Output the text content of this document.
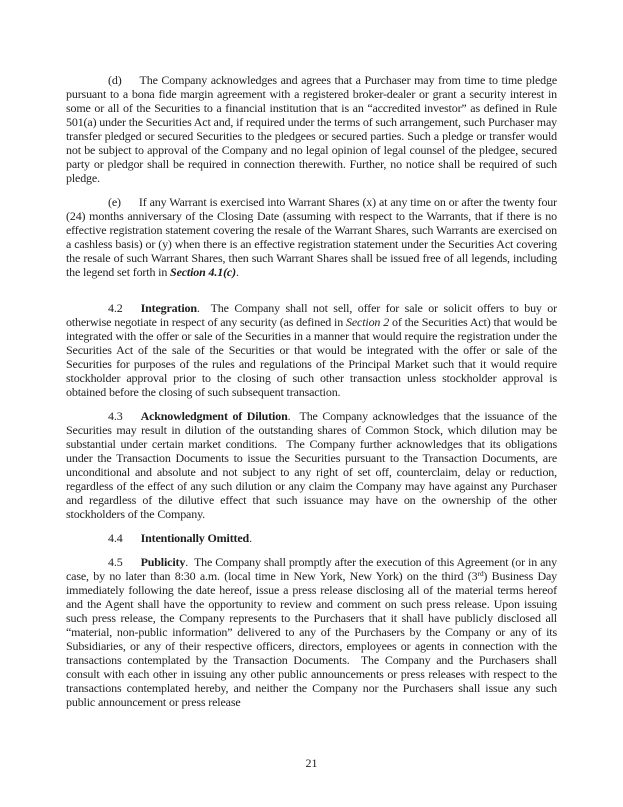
(d) The Company acknowledges and agrees that a Purchaser may from time to time pledge pursuant to a bona fide margin agreement with a registered broker-dealer or grant a security interest in some or all of the Securities to a financial institution that is an “accredited investor” as defined in Rule 501(a) under the Securities Act and, if required under the terms of such arrangement, such Purchaser may transfer pledged or secured Securities to the pledgees or secured parties. Such a pledge or transfer would not be subject to approval of the Company and no legal opinion of legal counsel of the pledgee, secured party or pledgor shall be required in connection therewith. Further, no notice shall be required of such pledge.

(e) If any Warrant is exercised into Warrant Shares (x) at any time on or after the twenty four (24) months anniversary of the Closing Date (assuming with respect to the Warrants, that if there is no effective registration statement covering the resale of the Warrant Shares, such Warrants are exercised on a cashless basis) or (y) when there is an effective registration statement under the Securities Act covering the resale of such Warrant Shares, then such Warrant Shares shall be issued free of all legends, including the legend set forth in Section 4.1(c).

4.2 Integration.  The Company shall not sell, offer for sale or solicit offers to buy or otherwise negotiate in respect of any security (as defined in Section 2 of the Securities Act) that would be integrated with the offer or sale of the Securities in a manner that would require the registration under the Securities Act of the sale of the Securities or that would be integrated with the offer or sale of the Securities for purposes of the rules and regulations of the Principal Market such that it would require stockholder approval prior to the closing of such other transaction unless stockholder approval is obtained before the closing of such subsequent transaction.

4.3 Acknowledgment of Dilution.  The Company acknowledges that the issuance of the Securities may result in dilution of the outstanding shares of Common Stock, which dilution may be substantial under certain market conditions.  The Company further acknowledges that its obligations under the Transaction Documents to issue the Securities pursuant to the Transaction Documents, are unconditional and absolute and not subject to any right of set off, counterclaim, delay or reduction, regardless of the effect of any such dilution or any claim the Company may have against any Purchaser and regardless of the dilutive effect that such issuance may have on the ownership of the other stockholders of the Company.

4.4 Intentionally Omitted.

4.5 Publicity.  The Company shall promptly after the execution of this Agreement (or in any case, by no later than 8:30 a.m. (local time in New York, New York) on the third (3rd) Business Day immediately following the date hereof, issue a press release disclosing all of the material terms hereof and the Agent shall have the opportunity to review and comment on such press release. Upon issuing such press release, the Company represents to the Purchasers that it shall have publicly disclosed all “material, non-public information” delivered to any of the Purchasers by the Company or any of its Subsidiaries, or any of their respective officers, directors, employees or agents in connection with the transactions contemplated by the Transaction Documents.  The Company and the Purchasers shall consult with each other in issuing any other public announcements or press releases with respect to the transactions contemplated hereby, and neither the Company nor the Purchasers shall issue any such public announcement or press release

21
